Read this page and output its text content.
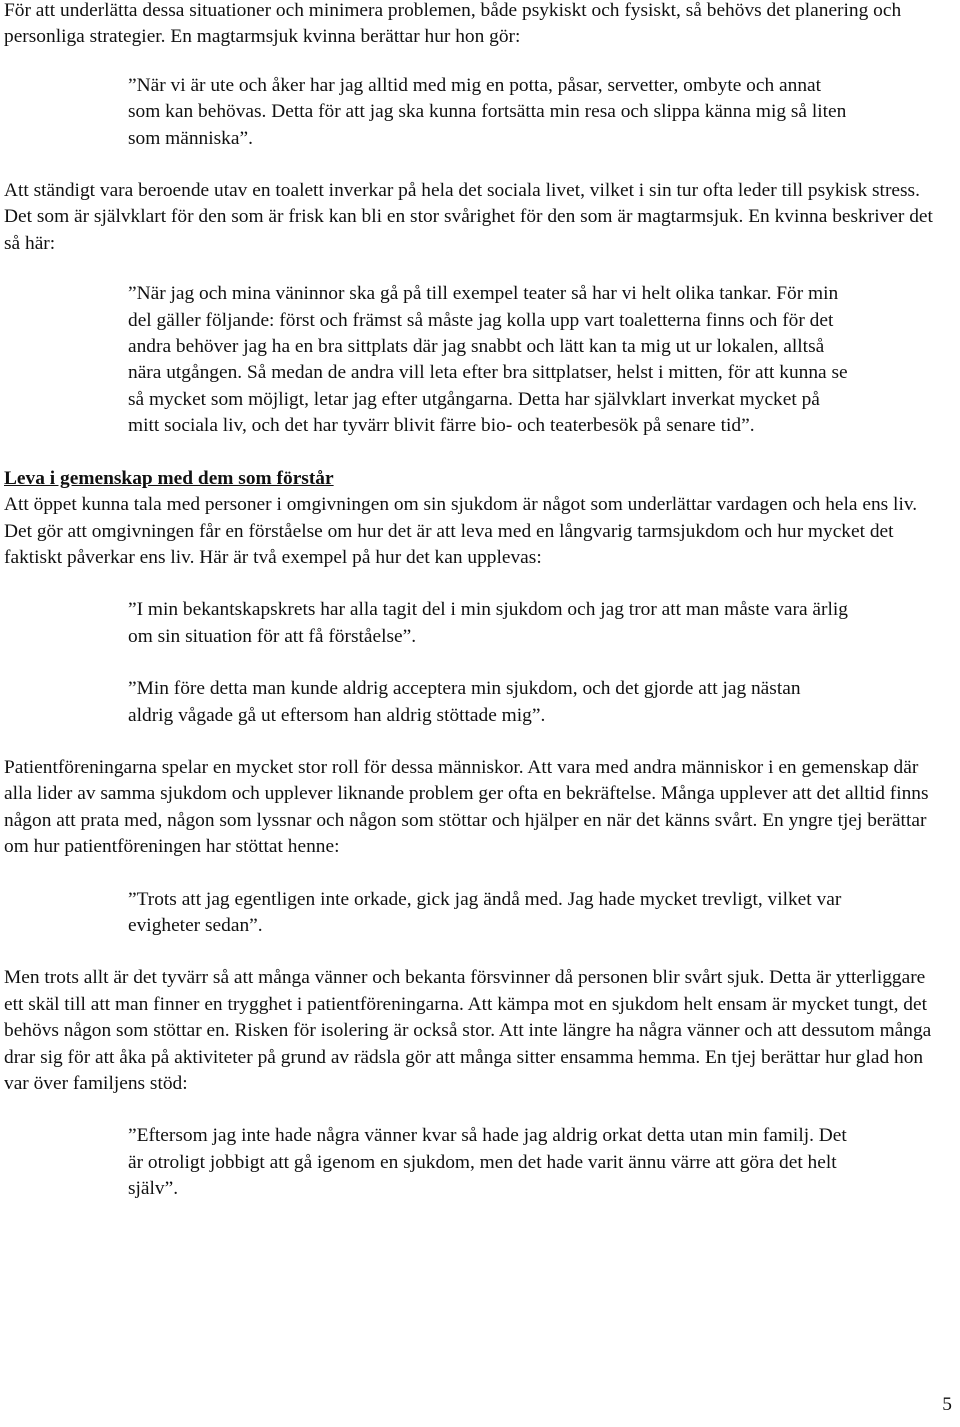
För att underlätta dessa situationer och minimera problemen, både psykiskt och fysiskt, så behövs det planering och personliga strategier. En magtarmsjuk kvinna berättar hur hon gör:

”När vi är ute och åker har jag alltid med mig en potta, påsar, servetter, ombyte och annat som kan behövas. Detta för att jag ska kunna fortsätta min resa och slippa känna mig så liten som människa”.

Att ständigt vara beroende utav en toalett inverkar på hela det sociala livet, vilket i sin tur ofta leder till psykisk stress. Det som är självklart för den som är frisk kan bli en stor svårighet för den som är magtarmsjuk. En kvinna beskriver det så här:

”När jag och mina väninnor ska gå på till exempel teater så har vi helt olika tankar. För min del gäller följande: först och främst så måste jag kolla upp vart toaletterna finns och för det andra behöver jag ha en bra sittplats där jag snabbt och lätt kan ta mig ut ur lokalen, alltså nära utgången. Så medan de andra vill leta efter bra sittplatser, helst i mitten, för att kunna se så mycket som möjligt, letar jag efter utgångarna. Detta har självklart inverkat mycket på mitt sociala liv, och det har tyvärr blivit färre bio- och teaterbesök på senare tid”.

Leva i gemenskap med dem som förstår

Att öppet kunna tala med personer i omgivningen om sin sjukdom är något som underlättar vardagen och hela ens liv. Det gör att omgivningen får en förståelse om hur det är att leva med en långvarig tarmsjukdom och hur mycket det faktiskt påverkar ens liv. Här är två exempel på hur det kan upplevas:

”I min bekantskapskrets har alla tagit del i min sjukdom och jag tror att man måste vara ärlig om sin situation för att få förståelse”.

”Min före detta man kunde aldrig acceptera min sjukdom, och det gjorde att jag nästan aldrig vågade gå ut eftersom han aldrig stöttade mig”.

Patientföreningarna spelar en mycket stor roll för dessa människor. Att vara med andra människor i en gemenskap där alla lider av samma sjukdom och upplever liknande problem ger ofta en bekräftelse. Många upplever att det alltid finns någon att prata med, någon som lyssnar och någon som stöttar och hjälper en när det känns svårt. En yngre tjej berättar om hur patientföreningen har stöttat henne:

”Trots att jag egentligen inte orkade, gick jag ändå med. Jag hade mycket trevligt, vilket var evigheter sedan”.

Men trots allt är det tyvärr så att många vänner och bekanta försvinner då personen blir svårt sjuk. Detta är ytterliggare ett skäl till att man finner en trygghet i patientföreningarna. Att kämpa mot en sjukdom helt ensam är mycket tungt, det behövs någon som stöttar en. Risken för isolering är också stor. Att inte längre ha några vänner och att dessutom många drar sig för att åka på aktiviteter på grund av rädsla gör att många sitter ensamma hemma. En tjej berättar hur glad hon var över familjens stöd:

”Eftersom jag inte hade några vänner kvar så hade jag aldrig orkat detta utan min familj. Det är otroligt jobbigt att gå igenom en sjukdom, men det hade varit ännu värre att göra det helt själv”.

5
